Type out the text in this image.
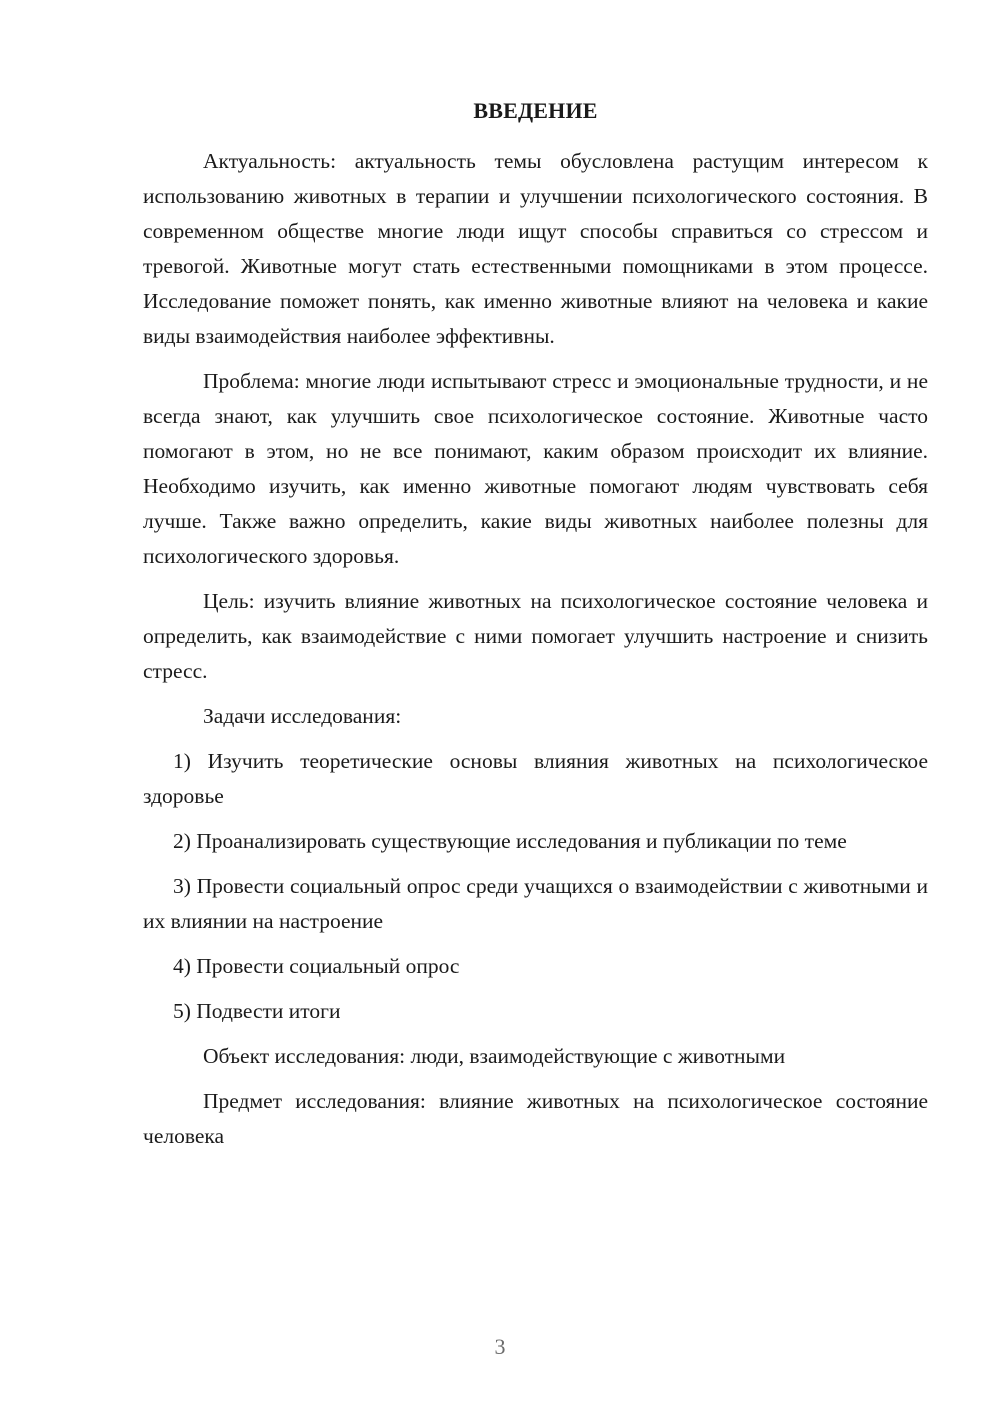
ВВЕДЕНИЕ

Актуальность: актуальность темы обусловлена растущим интересом к использованию животных в терапии и улучшении психологического состояния. В современном обществе многие люди ищут способы справиться со стрессом и тревогой. Животные могут стать естественными помощниками в этом процессе. Исследование поможет понять, как именно животные влияют на человека и какие виды взаимодействия наиболее эффективны.

Проблема: многие люди испытывают стресс и эмоциональные трудности, и не всегда знают, как улучшить свое психологическое состояние. Животные часто помогают в этом, но не все понимают, каким образом происходит их влияние. Необходимо изучить, как именно животные помогают людям чувствовать себя лучше. Также важно определить, какие виды животных наиболее полезны для психологического здоровья.

Цель: изучить влияние животных на психологическое состояние человека и определить, как взаимодействие с ними помогает улучшить настроение и снизить стресс.

Задачи исследования:

1) Изучить теоретические основы влияния животных на психологическое здоровье

2) Проанализировать существующие исследования и публикации по теме

3) Провести социальный опрос среди учащихся о взаимодействии с животными и их влиянии на настроение

4) Провести социальный опрос

5) Подвести итоги

Объект исследования: люди, взаимодействующие с животными

Предмет исследования: влияние животных на психологическое состояние человека

3
